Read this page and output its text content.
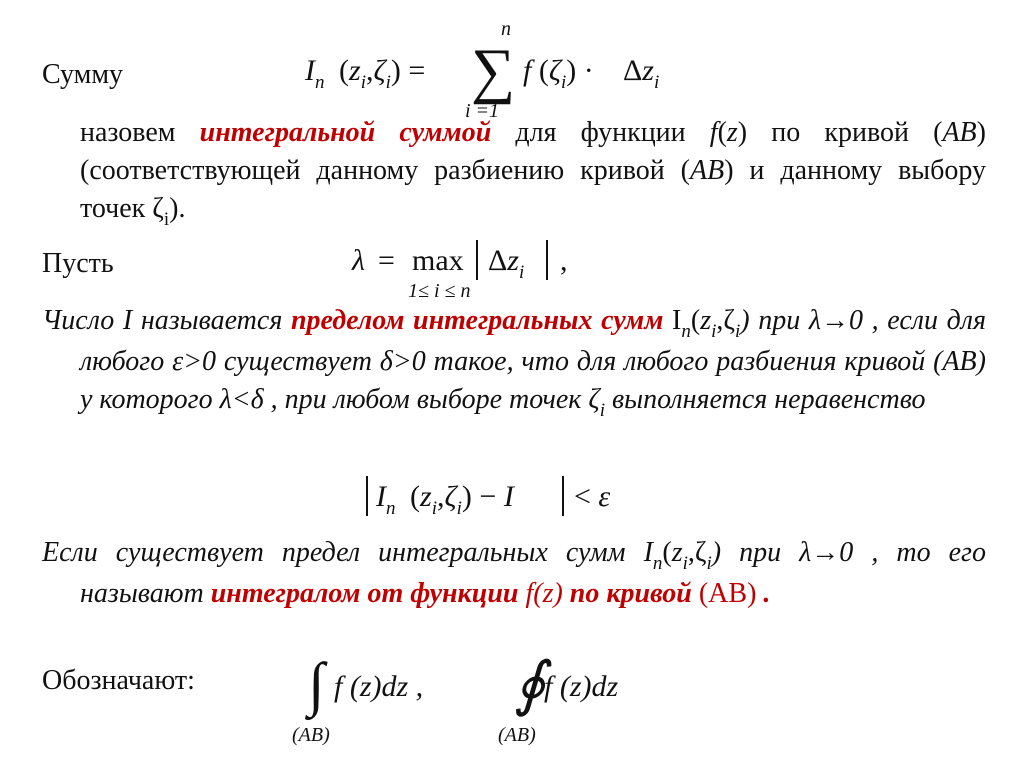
Сумму	$I_n$ $(z_i,\zeta_i)$ =
n
∑
i =1
f $(\zeta_i) \cdot \Delta z_i$
назовем интегральной суммой для функции f(z) по кривой (AB) (соответствующей данному разбиению кривой (AB) и данному выбору точек $\zeta_i$).
Пусть	λ = max
1≤ i ≤ n
$\Delta z_i$ ,
Число I называется пределом интегральных сумм $I_n(z_i,\zeta_i)$ при λ→0 , если для любого ε>0 существует δ>0 такое, что для любого разбиения кривой (AB) у которого λ<δ , при любом выборе точек $\zeta_i$ выполняется неравенство
$I_n$ $(z_i,\zeta_i) - I < \varepsilon$
Если существует предел интегральных сумм $I_n(z_i,\zeta_i)$ при λ→0 , то его называют интегралом от функции f(z) по кривой (AB) .
Обозначают: ∫ f (z)dz ,
(AB)
∮
f (z)dz
(AB)
